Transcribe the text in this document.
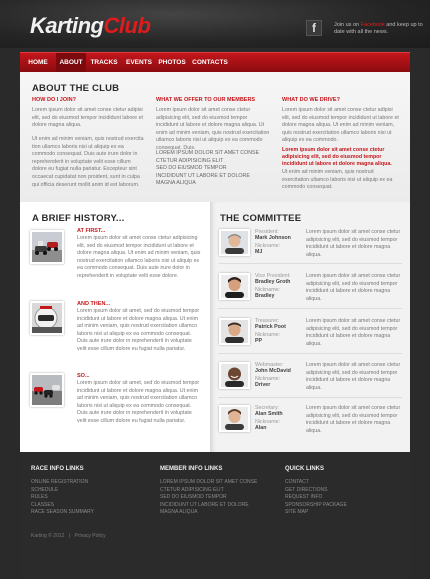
KartingClub	f	Join us on Facebook and keep up to date with all the news.
HOME	ABOUT	TRACKS	EVENTS PHOTOS	CONTACTS
ABOUT THE CLUB
HOW DO I JOIN?
Lorem ipsum dolor sit amet conse ctetur adipisi elit, sed do eiusmod tempor incididunt labore et dolore magna aliqua.
Ut enim ad minim veniam, quis nostrud exercita tion ullamco laboris nisi ut aliquip ex ea commodo consequat. Duis aute irure dolor in reprehenderit in voluptate velit esse cillum dolore eu fugiat nulla pariatur. Excepteur sint occaecat cupidatat non proident, sunt in culpa qui officia deserunt mollit anim id est laborum.
WHAT WE OFFER TO OUR MEMBERS
Lorem ipsum dolor sit amet conse ctetur adipisicing elit, sed do eiusmod tempor incididunt ut labore et dolore magna aliqua. Ut enim ad minim veniam, quis nostrud exercitation ullamco laboris nisi ut aliquip ex ea commodo consequat. Duis.
LOREM IPSUM DOLOR SIT AMET CONSE
CTETUR ADIPISICING ELIT
SED DO EIUSMOD TEMPOR
INCIDIDUNT UT LABORE ET DOLORE
MAGNA ALIQUA
WHAT DO WE DRIVE?
Lorem ipsum dolor sit amet conse ctetur adipisi elit, sed do eiusmod tempor incididunt ut labore et dolore magna aliqua. Ut enim ad minim veniam, quis nostrud exercitation ullamco laboris nisi ut aliquip ex ea commodo.
Lorem ipsum dolor sit amet conse ctetur adipisicing elit, sed do eiusmod tempor incididunt ut labore et dolore magna aliqua.
Ut enim ad minim veniam, quis nostrud exercitation ullamco laboris nisi ut aliquip ex ea commodo consequat.
A BRIEF HISTORY...
AT FIRST...
Lorem ipsum dolor sit amet conse ctetur adipisicing elit, sed do eiusmod tempor incididunt ut labore et dolore magna aliqua. Ut enim ad minim veniam, quis nostrud exercitation ullamco laboris nisi ut aliquip ex ea commodo consequat. Duis aute irure dolor in reprehenderit in voluptate velit esse dolore.
AND THEN...
Lorem ipsum dolor sit amet, sed do eiusmod tempor incididunt ut labore et dolore magna aliqua. Ut enim ad minim veniam, quis nostrud exercitation ullamco laboris nisi ut aliquip ex ea commodo consequat. Duis aute irure dolor in reprehenderit in voluptate velit esse cillum dolore eu fugiat nulla pariatur.
SO...
Lorem ipsum dolor sit amet, sed do eiusmod tempor incididunt ut labore et dolore magna aliqua. Ut enim ad minim veniam, quis nostrud exercitation ullamco laboris nisi ut aliquip ex ea commodo consequat. Duis aute irure dolor in reprehenderit in voluptate velit esse cillum dolore eu fugiat nulla pariatur.
THE COMMITTEE
President:
Mark Johnson
Nickname:
MJ
Lorem ipsum dolor sit amet conse ctetur adipisicing elit, sed do eiusmod tempor incididunt ut labore et dolore magna aliqua.
Vice President:
Bradley Groth
Nickname:
Bradley
Lorem ipsum dolor sit amet conse ctetur adipisicing elit, sed do eiusmod tempor incididunt ut labore et dolore magna aliqua.
Treasurer:
Patrick Poot
Nickname:
PP
Lorem ipsum dolor sit amet conse ctetur adipisicing elit, sed do eiusmod tempor incididunt ut labore et dolore magna aliqua.
Webmaster:
John McDavid
Nickname:
Driver
Lorem ipsum dolor sit amet conse ctetur adipisicing elit, sed do eiusmod tempor incididunt ut labore et dolore magna aliqua.
Secretary:
Alan Smith
Nickname:
Alan
Lorem ipsum dolor sit amet conse ctetur adipisicing elit, sed do eiusmod tempor incididunt ut labore et dolore magna aliqua.
RACE INFO LINKS
ONLINE REGISTRATION
SCHEDULE
RULES
CLASSES
RACE SEASON SUMMARY
MEMBER INFO LINKS
LOREM IPSUM DOLOR SIT AMET CONSE
CTETUR ADIPISICING ELIT
SED DO EIUSMOD TEMPOR
INCIDIDUNT UT LABORE ET DOLORE
MAGNA ALIQUA
QUICK LINKS
CONTACT
GET DIRECTIONS
REQUEST INFO
SPONSORSHIP PACKAGE
SITE MAP
Karting © 2012 | Privacy Policy
